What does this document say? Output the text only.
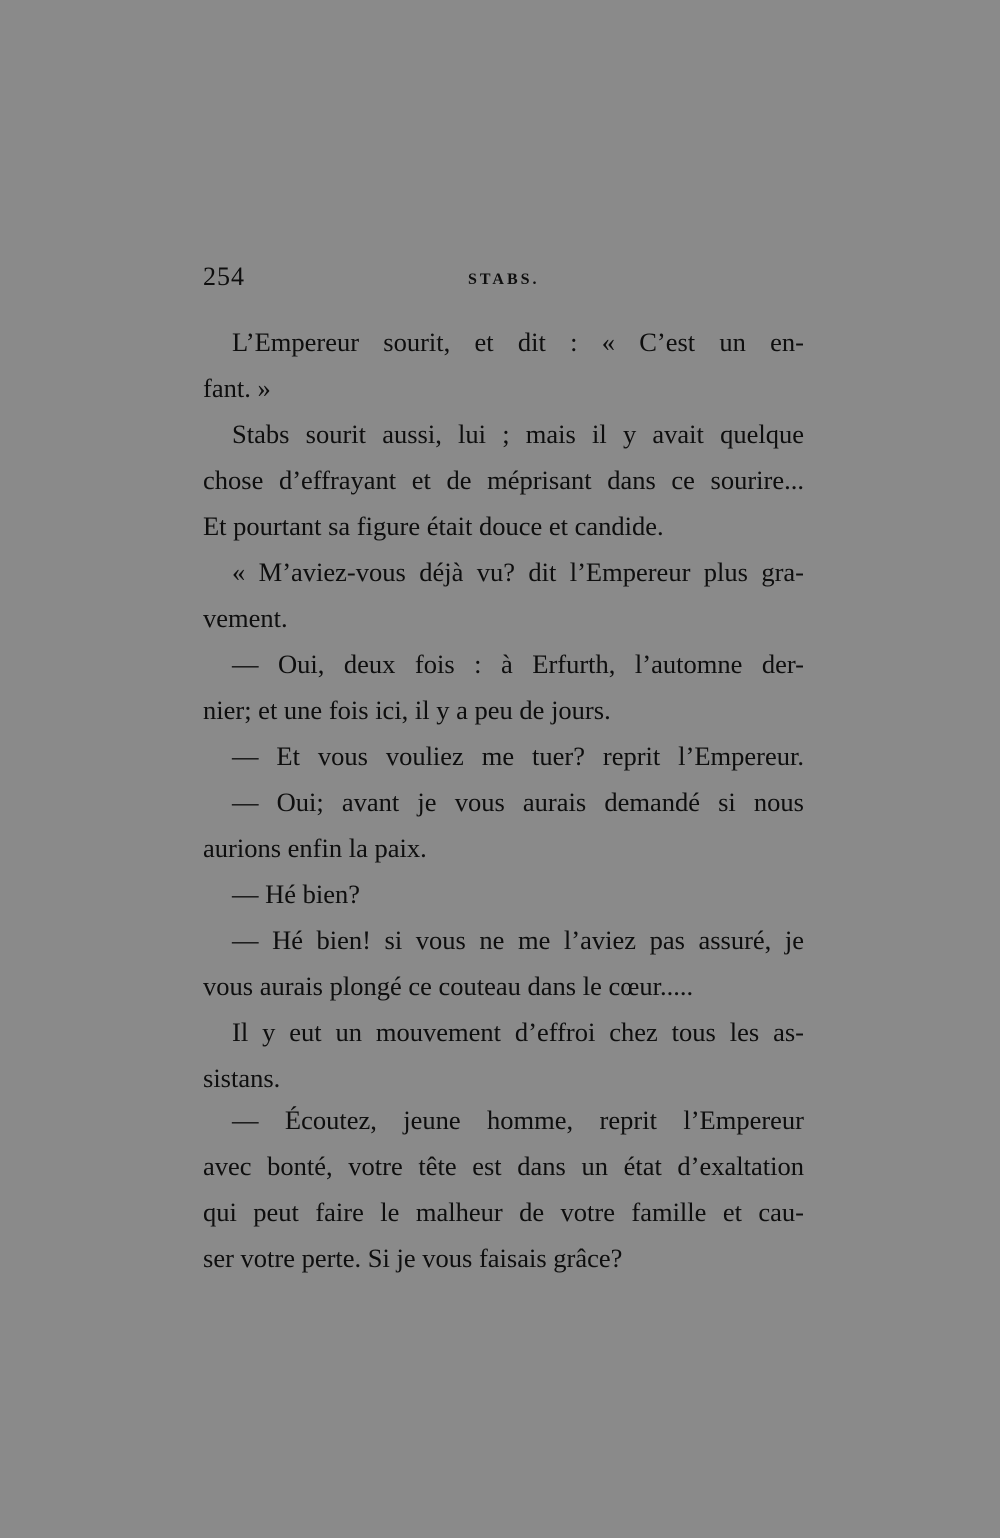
254	STABS.
L’Empereur sourit, et dit : « C’est un en-
fant. »
Stabs sourit aussi, lui ; mais il y avait quelque
chose d’effrayant et de méprisant dans ce sourire...
Et pourtant sa figure était douce et candide.
« M’aviez-vous déjà vu? dit l’Empereur plus gra-
vement.
— Oui, deux fois : à Erfurth, l’automne der-
nier; et une fois ici, il y a peu de jours.
— Et vous vouliez me tuer? reprit l’Empereur.
— Oui; avant je vous aurais demandé si nous
aurions enfin la paix.
— Hé bien?
— Hé bien! si vous ne me l’aviez pas assuré, je
vous aurais plongé ce couteau dans le cœur.....
Il y eut un mouvement d’effroi chez tous les as-
sistans.
— Écoutez, jeune homme, reprit l’Empereur
avec bonté, votre tête est dans un état d’exaltation
qui peut faire le malheur de votre famille et cau-
ser votre perte. Si je vous faisais grâce?
